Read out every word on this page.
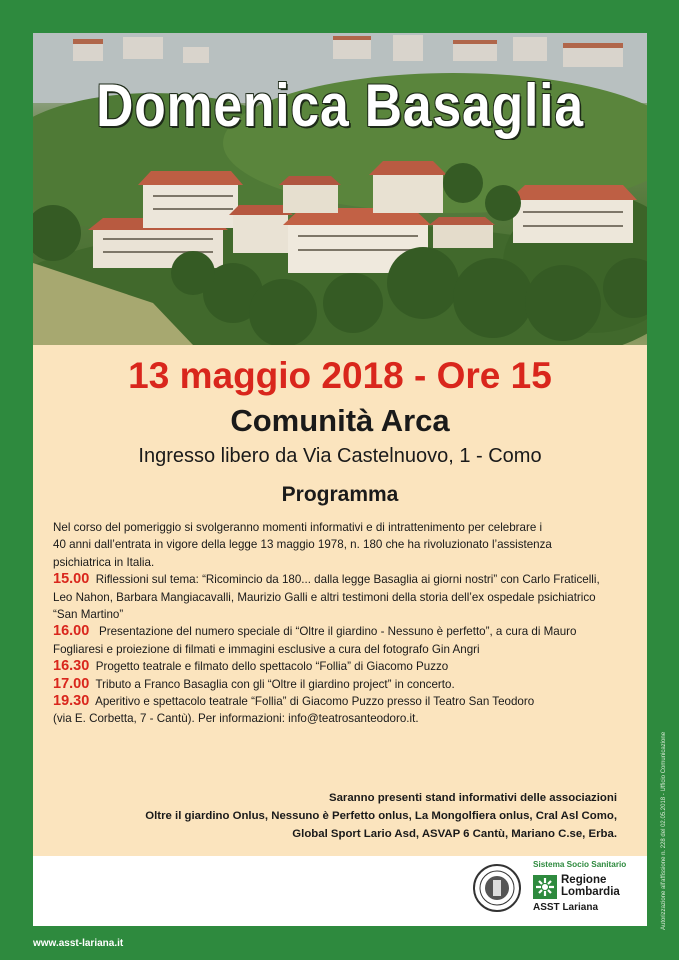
Domenica Basaglia
13 maggio 2018 - Ore 15
Comunità Arca

Ingresso libero da Via Castelnuovo, 1 - Como

Programma

Nel corso del pomeriggio si svolgeranno momenti informativi e di intrattenimento per celebrare i

40 anni dall’entrata in vigore della legge 13 maggio 1978, n. 180 che ha rivoluzionato l’assistenza

psichiatrica in Italia.

15.00 Riflessioni sul tema: “Ricomincio da 180... dalla legge Basaglia ai giorni nostri” con Carlo Fraticelli,

Leo Nahon, Barbara Mangiacavalli, Maurizio Galli e altri testimoni della storia dell’ex ospedale psichiatrico

“San Martino”

16.00 Presentazione del numero speciale di “Oltre il giardino - Nessuno è perfetto”, a cura di Mauro

Fogliaresi e proiezione di filmati e immagini esclusive a cura del fotografo Gin Angri

16.30 Progetto teatrale e filmato dello spettacolo “Follia” di Giacomo Puzzo

17.00 Tributo a Franco Basaglia con gli “Oltre il giardino project” in concerto.

19.30 Aperitivo e spettacolo teatrale “Follia” di Giacomo Puzzo presso il Teatro San Teodoro

(via E. Corbetta, 7 - Cantù). Per informazioni: info@teatrosanteodoro.it.

Saranno presenti stand informativi delle associazioni

Oltre il giardino Onlus, Nessuno è Perfetto onlus, La Mongolfiera onlus, Cral Asl Como,

Global Sport Lario Asd, ASVAP 6 Cantù, Mariano C.se, Erba.

Sistema Socio Sanitario
Regione
Lombardia
ASST Lariana
www.asst-lariana.it
Autorizzazione all'affissione n. 228 del 02.05.2018 - Ufficio Comunicazione
